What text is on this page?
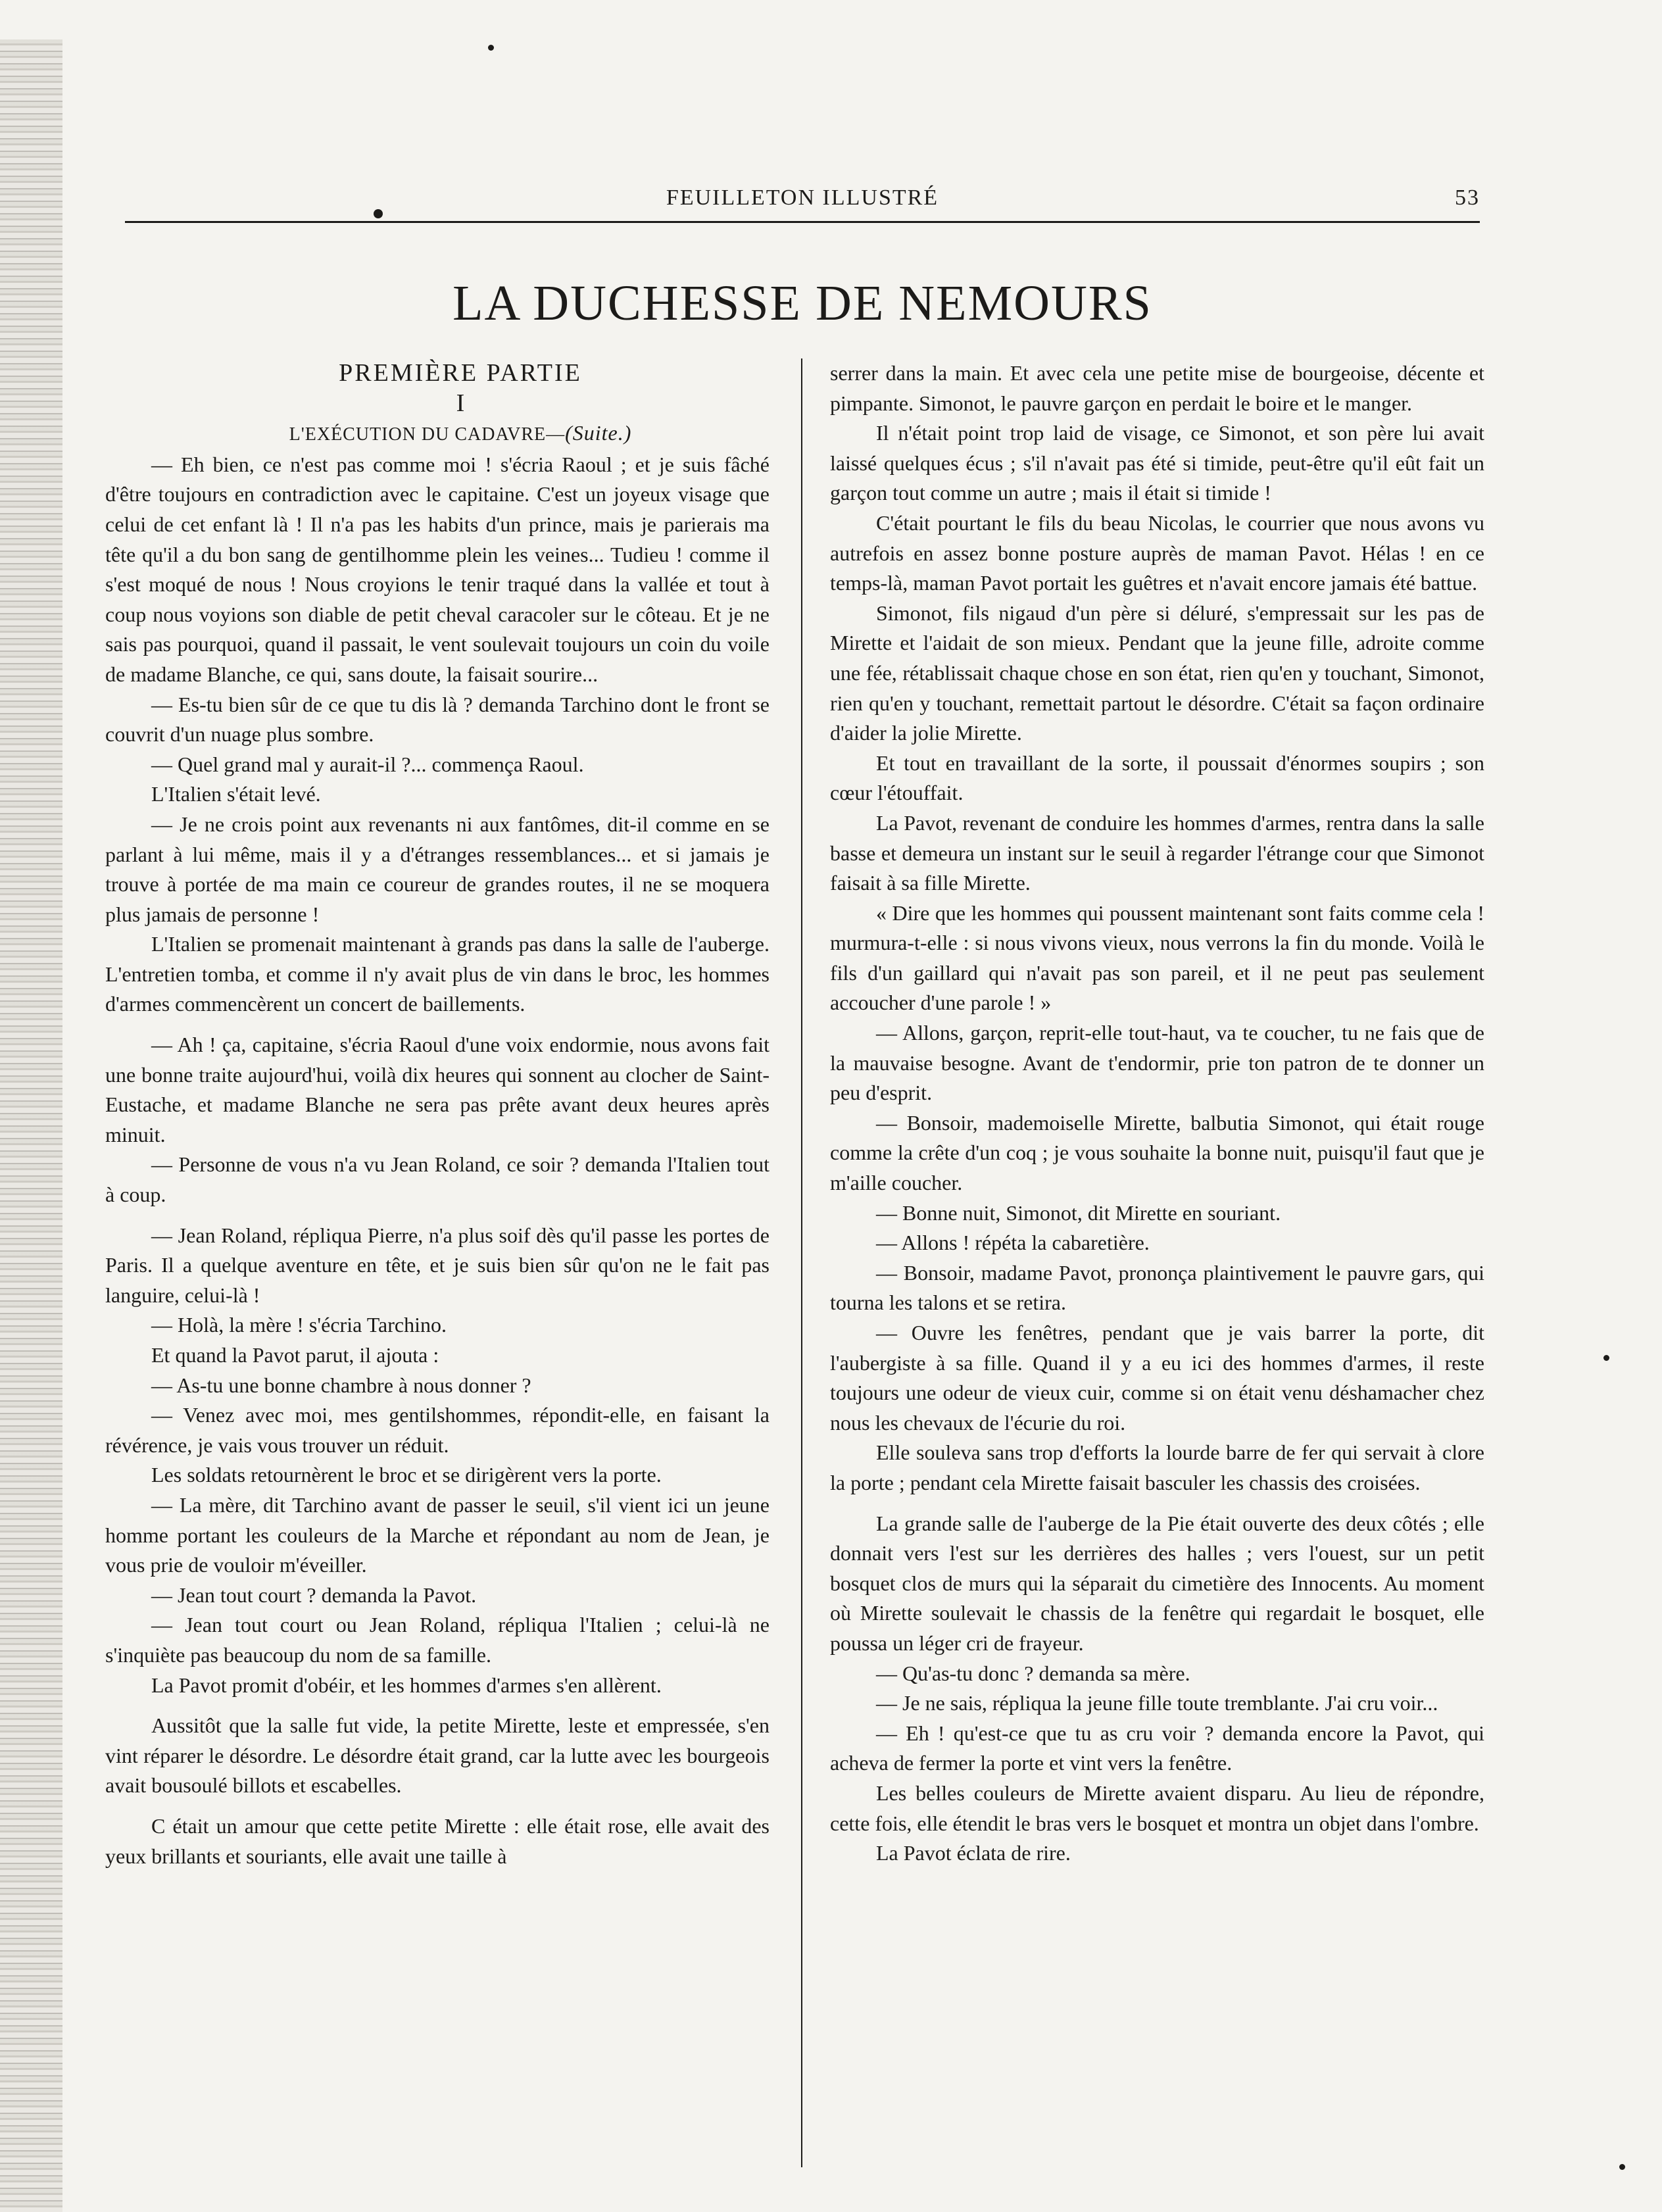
FEUILLETON ILLUSTRÉ	53
LA DUCHESSE DE NEMOURS

PREMIÈRE PARTIE

I

L'EXÉCUTION DU CADAVRE—(Suite.)

— Eh bien, ce n'est pas comme moi ! s'écria Raoul ; et je suis fâché d'être toujours en contradiction avec le capitaine. C'est un joyeux visage que celui de cet enfant là ! Il n'a pas les habits d'un prince, mais je parierais ma tête qu'il a du bon sang de gentilhomme plein les veines... Tudieu ! comme il s'est moqué de nous ! Nous croyions le tenir traqué dans la vallée et tout à coup nous voyions son diable de petit cheval caracoler sur le côteau. Et je ne sais pas pourquoi, quand il passait, le vent soulevait toujours un coin du voile de madame Blanche, ce qui, sans doute, la faisait sourire...

— Es-tu bien sûr de ce que tu dis là ? demanda Tarchino dont le front se couvrit d'un nuage plus sombre.

— Quel grand mal y aurait-il ?... commença Raoul.

L'Italien s'était levé.

— Je ne crois point aux revenants ni aux fantômes, dit-il comme en se parlant à lui même, mais il y a d'étranges ressemblances... et si jamais je trouve à portée de ma main ce coureur de grandes routes, il ne se moquera plus jamais de personne !

L'Italien se promenait maintenant à grands pas dans la salle de l'auberge. L'entretien tomba, et comme il n'y avait plus de vin dans le broc, les hommes d'armes commencèrent un concert de baillements.

— Ah ! ça, capitaine, s'écria Raoul d'une voix endormie, nous avons fait une bonne traite aujourd'hui, voilà dix heures qui sonnent au clocher de Saint-Eustache, et madame Blanche ne sera pas prête avant deux heures après minuit.

— Personne de vous n'a vu Jean Roland, ce soir ? demanda l'Italien tout à coup.

— Jean Roland, répliqua Pierre, n'a plus soif dès qu'il passe les portes de Paris. Il a quelque aventure en tête, et je suis bien sûr qu'on ne le fait pas languire, celui-là !

— Holà, la mère ! s'écria Tarchino.

Et quand la Pavot parut, il ajouta :

— As-tu une bonne chambre à nous donner ?

— Venez avec moi, mes gentilshommes, répondit-elle, en faisant la révérence, je vais vous trouver un réduit.

Les soldats retournèrent le broc et se dirigèrent vers la porte.

— La mère, dit Tarchino avant de passer le seuil, s'il vient ici un jeune homme portant les couleurs de la Marche et répondant au nom de Jean, je vous prie de vouloir m'éveiller.

— Jean tout court ? demanda la Pavot.

— Jean tout court ou Jean Roland, répliqua l'Italien ; celui-là ne s'inquiète pas beaucoup du nom de sa famille.

La Pavot promit d'obéir, et les hommes d'armes s'en allèrent.

Aussitôt que la salle fut vide, la petite Mirette, leste et empressée, s'en vint réparer le désordre. Le désordre était grand, car la lutte avec les bourgeois avait bousoulé billots et escabelles.

C était un amour que cette petite Mirette : elle était rose, elle avait des yeux brillants et souriants, elle avait une taille à

serrer dans la main. Et avec cela une petite mise de bourgeoise, décente et pimpante. Simonot, le pauvre garçon en perdait le boire et le manger.

Il n'était point trop laid de visage, ce Simonot, et son père lui avait laissé quelques écus ; s'il n'avait pas été si timide, peut-être qu'il eût fait un garçon tout comme un autre ; mais il était si timide !

C'était pourtant le fils du beau Nicolas, le courrier que nous avons vu autrefois en assez bonne posture auprès de maman Pavot. Hélas ! en ce temps-là, maman Pavot portait les guêtres et n'avait encore jamais été battue.

Simonot, fils nigaud d'un père si déluré, s'empressait sur les pas de Mirette et l'aidait de son mieux. Pendant que la jeune fille, adroite comme une fée, rétablissait chaque chose en son état, rien qu'en y touchant, Simonot, rien qu'en y touchant, remettait partout le désordre. C'était sa façon ordinaire d'aider la jolie Mirette.

Et tout en travaillant de la sorte, il poussait d'énormes soupirs ; son cœur l'étouffait.

La Pavot, revenant de conduire les hommes d'armes, rentra dans la salle basse et demeura un instant sur le seuil à regarder l'étrange cour que Simonot faisait à sa fille Mirette.

« Dire que les hommes qui poussent maintenant sont faits comme cela ! murmura-t-elle : si nous vivons vieux, nous verrons la fin du monde. Voilà le fils d'un gaillard qui n'avait pas son pareil, et il ne peut pas seulement accoucher d'une parole ! »

— Allons, garçon, reprit-elle tout-haut, va te coucher, tu ne fais que de la mauvaise besogne. Avant de t'endormir, prie ton patron de te donner un peu d'esprit.

— Bonsoir, mademoiselle Mirette, balbutia Simonot, qui était rouge comme la crête d'un coq ; je vous souhaite la bonne nuit, puisqu'il faut que je m'aille coucher.

— Bonne nuit, Simonot, dit Mirette en souriant.

— Allons ! répéta la cabaretière.

— Bonsoir, madame Pavot, prononça plaintivement le pauvre gars, qui tourna les talons et se retira.

— Ouvre les fenêtres, pendant que je vais barrer la porte, dit l'aubergiste à sa fille. Quand il y a eu ici des hommes d'armes, il reste toujours une odeur de vieux cuir, comme si on était venu déshamacher chez nous les chevaux de l'écurie du roi.

Elle souleva sans trop d'efforts la lourde barre de fer qui servait à clore la porte ; pendant cela Mirette faisait basculer les chassis des croisées.

La grande salle de l'auberge de la Pie était ouverte des deux côtés ; elle donnait vers l'est sur les derrières des halles ; vers l'ouest, sur un petit bosquet clos de murs qui la séparait du cimetière des Innocents. Au moment où Mirette soulevait le chassis de la fenêtre qui regardait le bosquet, elle poussa un léger cri de frayeur.

— Qu'as-tu donc ? demanda sa mère.

— Je ne sais, répliqua la jeune fille toute tremblante. J'ai cru voir...

— Eh ! qu'est-ce que tu as cru voir ? demanda encore la Pavot, qui acheva de fermer la porte et vint vers la fenêtre.

Les belles couleurs de Mirette avaient disparu. Au lieu de répondre, cette fois, elle étendit le bras vers le bosquet et montra un objet dans l'ombre.

La Pavot éclata de rire.
